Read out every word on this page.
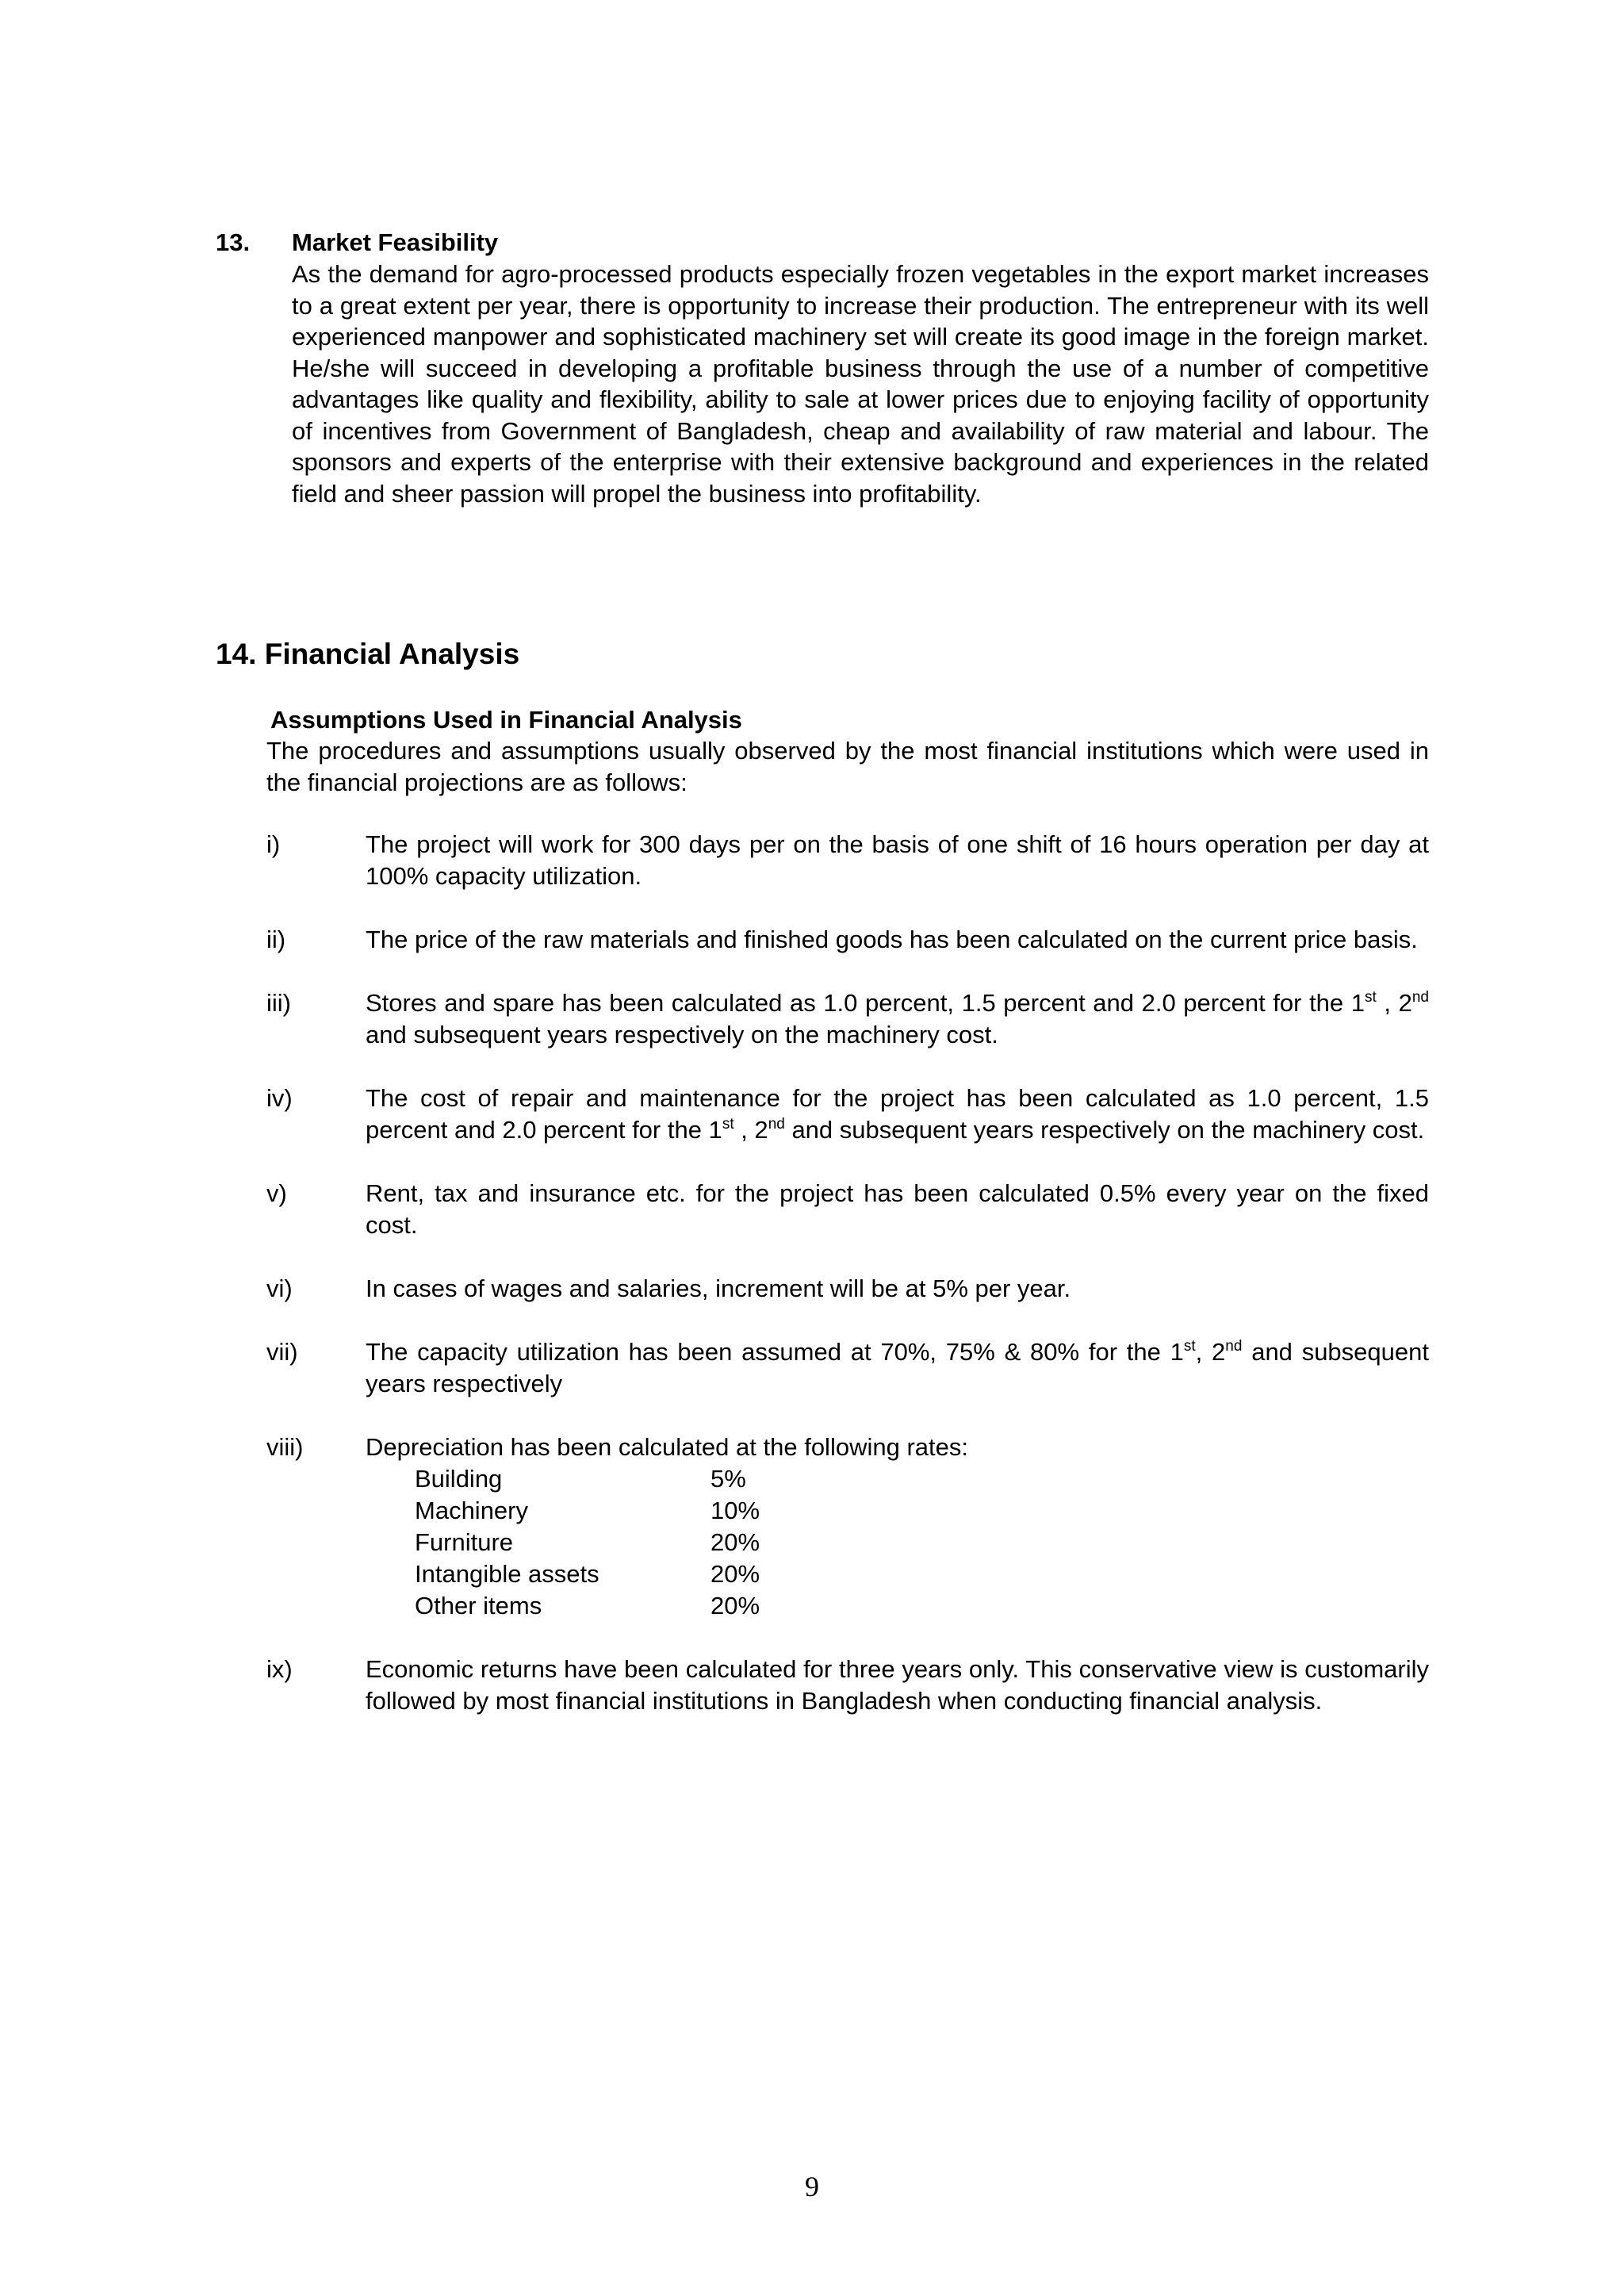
13. Market Feasibility
As the demand for agro-processed products especially frozen vegetables in the export market increases to a great extent per year, there is opportunity to increase their production. The entrepreneur with its well experienced manpower and sophisticated machinery set will create its good image in the foreign market. He/she will succeed in developing a profitable business through the use of a number of competitive advantages like quality and flexibility, ability to sale at lower prices due to enjoying facility of opportunity of incentives from Government of Bangladesh, cheap and availability of raw material and labour. The sponsors and experts of the enterprise with their extensive background and experiences in the related field and sheer passion will propel the business into profitability.
14. Financial Analysis
Assumptions Used in Financial Analysis
The procedures and assumptions usually observed by the most financial institutions which were used in the financial projections are as follows:
i)	The project will work for 300 days per on the basis of one shift of 16 hours operation per day at 100% capacity utilization.
ii)	The price of the raw materials and finished goods has been calculated on the current price basis.
iii)	Stores and spare has been calculated as 1.0 percent, 1.5 percent and 2.0 percent for the 1st , 2nd and subsequent years respectively on the machinery cost.
iv)	The cost of repair and maintenance for the project has been calculated as 1.0 percent, 1.5 percent and 2.0 percent for the 1st , 2nd and subsequent years respectively on the machinery cost.
v)	Rent, tax and insurance etc. for the project has been calculated 0.5% every year on the fixed cost.
vi)	In cases of wages and salaries, increment will be at 5% per year.
vii)	The capacity utilization has been assumed at 70%, 75% & 80% for the 1st, 2nd and subsequent years respectively
viii)	Depreciation has been calculated at the following rates:
Building	5%
Machinery	10%
Furniture	20%
Intangible assets	20%
Other items	20%
ix)	Economic returns have been calculated for three years only. This conservative view is customarily followed by most financial institutions in Bangladesh when conducting financial analysis.
9
